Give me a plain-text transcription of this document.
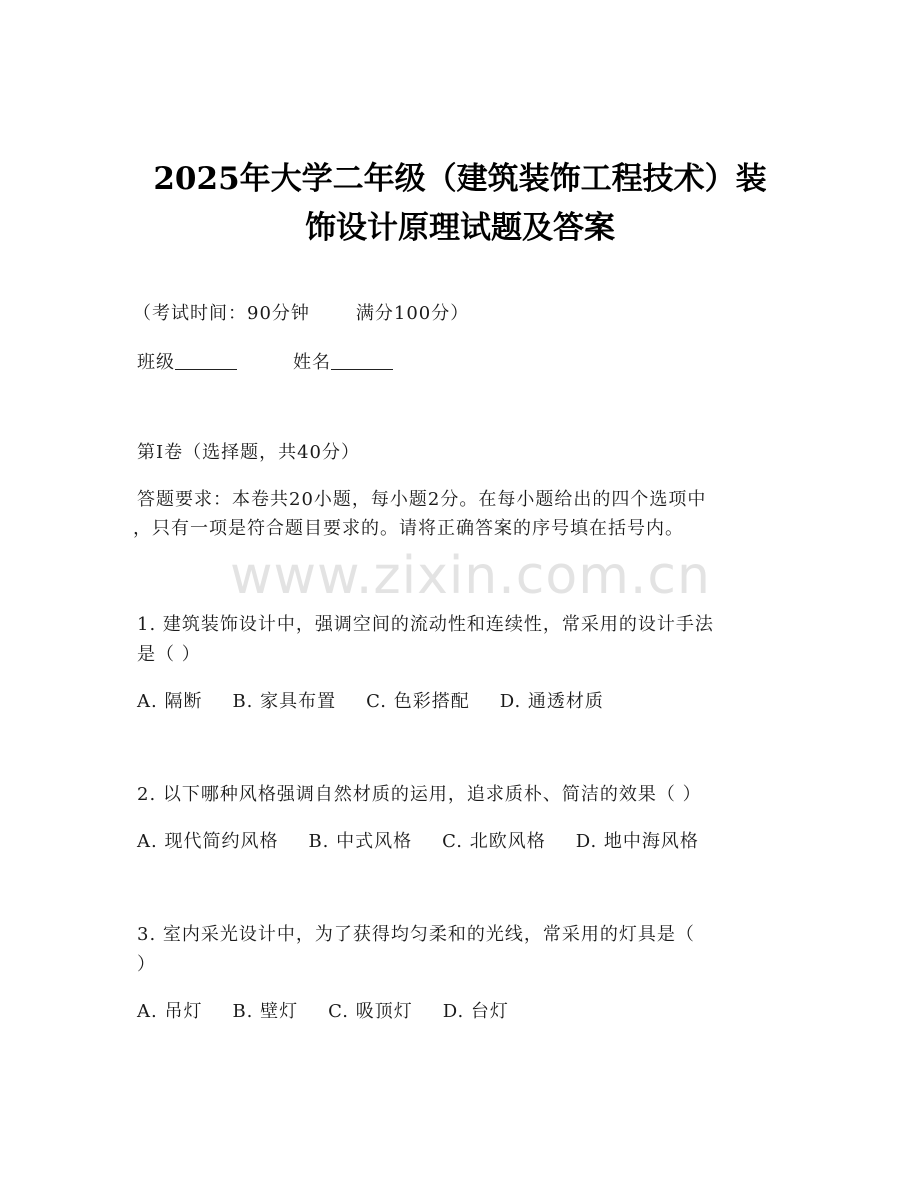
2025年大学二年级（建筑装饰工程技术）装
饰设计原理试题及答案
（考试时间：90分钟	满分100分）
班级	姓名
第I卷（选择题，共40分）
答题要求：本卷共20小题，每小题2分。在每小题给出的四个选项中
，只有一项是符合题目要求的。请将正确答案的序号填在括号内。
www.zixin.com.cn
1. 建筑装饰设计中，强调空间的流动性和连续性，常采用的设计手法
是（ ）
A. 隔断 B. 家具布置 C. 色彩搭配 D. 通透材质
2. 以下哪种风格强调自然材质的运用，追求质朴、简洁的效果（ ）
A. 现代简约风格 B. 中式风格 C. 北欧风格 D. 地中海风格
3. 室内采光设计中，为了获得均匀柔和的光线，常采用的灯具是（
）
A. 吊灯 B. 壁灯 C. 吸顶灯 D. 台灯
